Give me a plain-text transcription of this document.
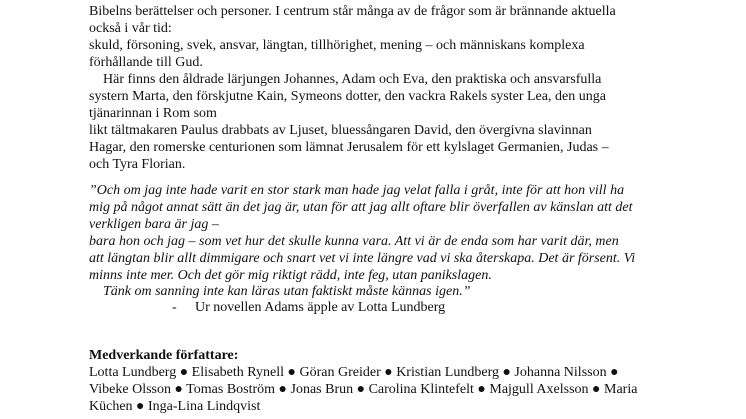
Bibelns berättelser och personer. I centrum står många av de frågor som är brännande aktuella
också i vår tid:
skuld, försoning, svek, ansvar, längtan, tillhörighet, mening – och människans komplexa
förhållande till Gud.
Här finns den åldrade lärjungen Johannes, Adam och Eva, den praktiska och ansvarsfulla
systern Marta, den förskjutne Kain, Symeons dotter, den vackra Rakels syster Lea, den unga
tjänarinnan i Rom som
likt tältmakaren Paulus drabbats av Ljuset, bluessångaren David, den övergivna slavinnan
Hagar, den romerske centurionen som lämnat Jerusalem för ett kylslaget Germanien, Judas –
och Tyra Florian.
”Och om jag inte hade varit en stor stark man hade jag velat falla i gråt, inte för att hon vill ha
mig på något annat sätt än det jag är, utan för att jag allt oftare blir överfallen av känslan att det
verkligen bara är jag –
bara hon och jag – som vet hur det skulle kunna vara. Att vi är de enda som har varit där, men
att längtan blir allt dimmigare och snart vet vi inte längre vad vi ska återskapa. Det är försent. Vi
minns inte mer. Och det gör mig riktigt rädd, inte feg, utan panikslagen.
Tänk om sanning inte kan läras utan faktiskt måste kännas igen.”
- Ur novellen Adams äpple av Lotta Lundberg
Medverkande författare:
Lotta Lundberg ● Elisabeth Rynell ● Göran Greider ● Kristian Lundberg ● Johanna Nilsson ●
Vibeke Olsson ● Tomas Boström ● Jonas Brun ● Carolina Klintefelt ● Majgull Axelsson ● Maria
Küchen ● Inga-Lina Lindqvist
